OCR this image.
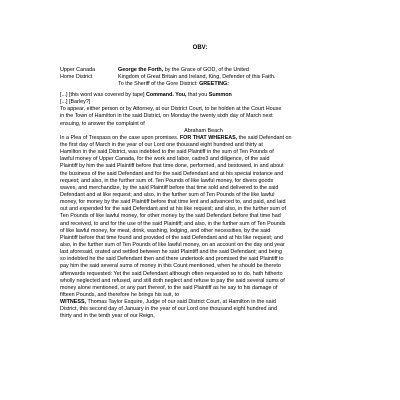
OBV:
Upper Canada	George the Forth, by the Grace of GOD, of the United
Home District	Kingdom of Great Britain and Ireland, King, Defender of this Faith.
To the Sheriff of the Gore District: GREETING:
[...] [this word was covered by tape] Command. You, that you Summon
[...] [Barley?]
To appear, either person or by Attorney, at our District Court, to be holden at the Court House
in the Town of Hamilton in the said District, on Monday the twenty sixth day of March next
ensuing, to answer the complaint of
Abraham Beach
In a Plea of Trespass on the case upon promises. FOR THAT WHEREAS, the said Defendant on
the first day of March in the year of our Lord one thousand eight hundred and thirty at
Hamilton in the said District, was indebted to the said Plaintiff in the sum of Ten Pounds of
lawful money of Upper Canada, for the work and labor, cadre3 and diligence, of the said
Plaintiff by him the said Plaintiff before that time done, performed, and bestowed, in and about
the business of the said Defendant and for the said Defendant and at his special instance and
request; and also, in the further sum of. Ten Pounds of like lawful money, for divers goods
waves, and merchandize, by the said Plaintiff before that time sold and delivered to the said
Defendant and at like request; and also, in the further sum of Ten Pounds of the like lawful
money, for money by the said Plaintiff before that time lent and advanced to, and paid, and laid
out and expended for the said Defendant and at his like request; and also, in the further sum of
Ten Pounds of like lawful money, for other money by the said Defendant before that time had
and received, to and for the use of the said Plaintiff; and also, in the further sum of Ten Pounds
of like lawful money, for meat, drink, washing, lodging, and other necessities, by the said
Plaintiff before that time found and provided of the said Defendant and at his like request; and
also, in the further sum of Ten Pounds of like lawful money, on an account on the day and year
last aforesaid, orated and settled between he said Plaintiff and the said Defendant; and being
so indebted he the said Defendant then and there undertook and promised the said Plaintiff to
pay him the said several sums of money in this Count mentioned, when he should be thereto
afterwards requested: Yet the said Defendant although often requested so to do, hath hitherto
wholly neglected and refused, and still doth neglect and refuse to pay the said several sums of
money alone mentioned, or any part thereof, to the said Plaintiff as he say to his damage of
fifteen Pounds, and therefore he brings his suit, to
WITNESS, Thomas Taylor Esquire, Judge of our said District Court, at Hamilton in the said
District, this second day of January in the year of our Lord one thousand eight hundred and
thirty and in the tenth year of our Reign,
